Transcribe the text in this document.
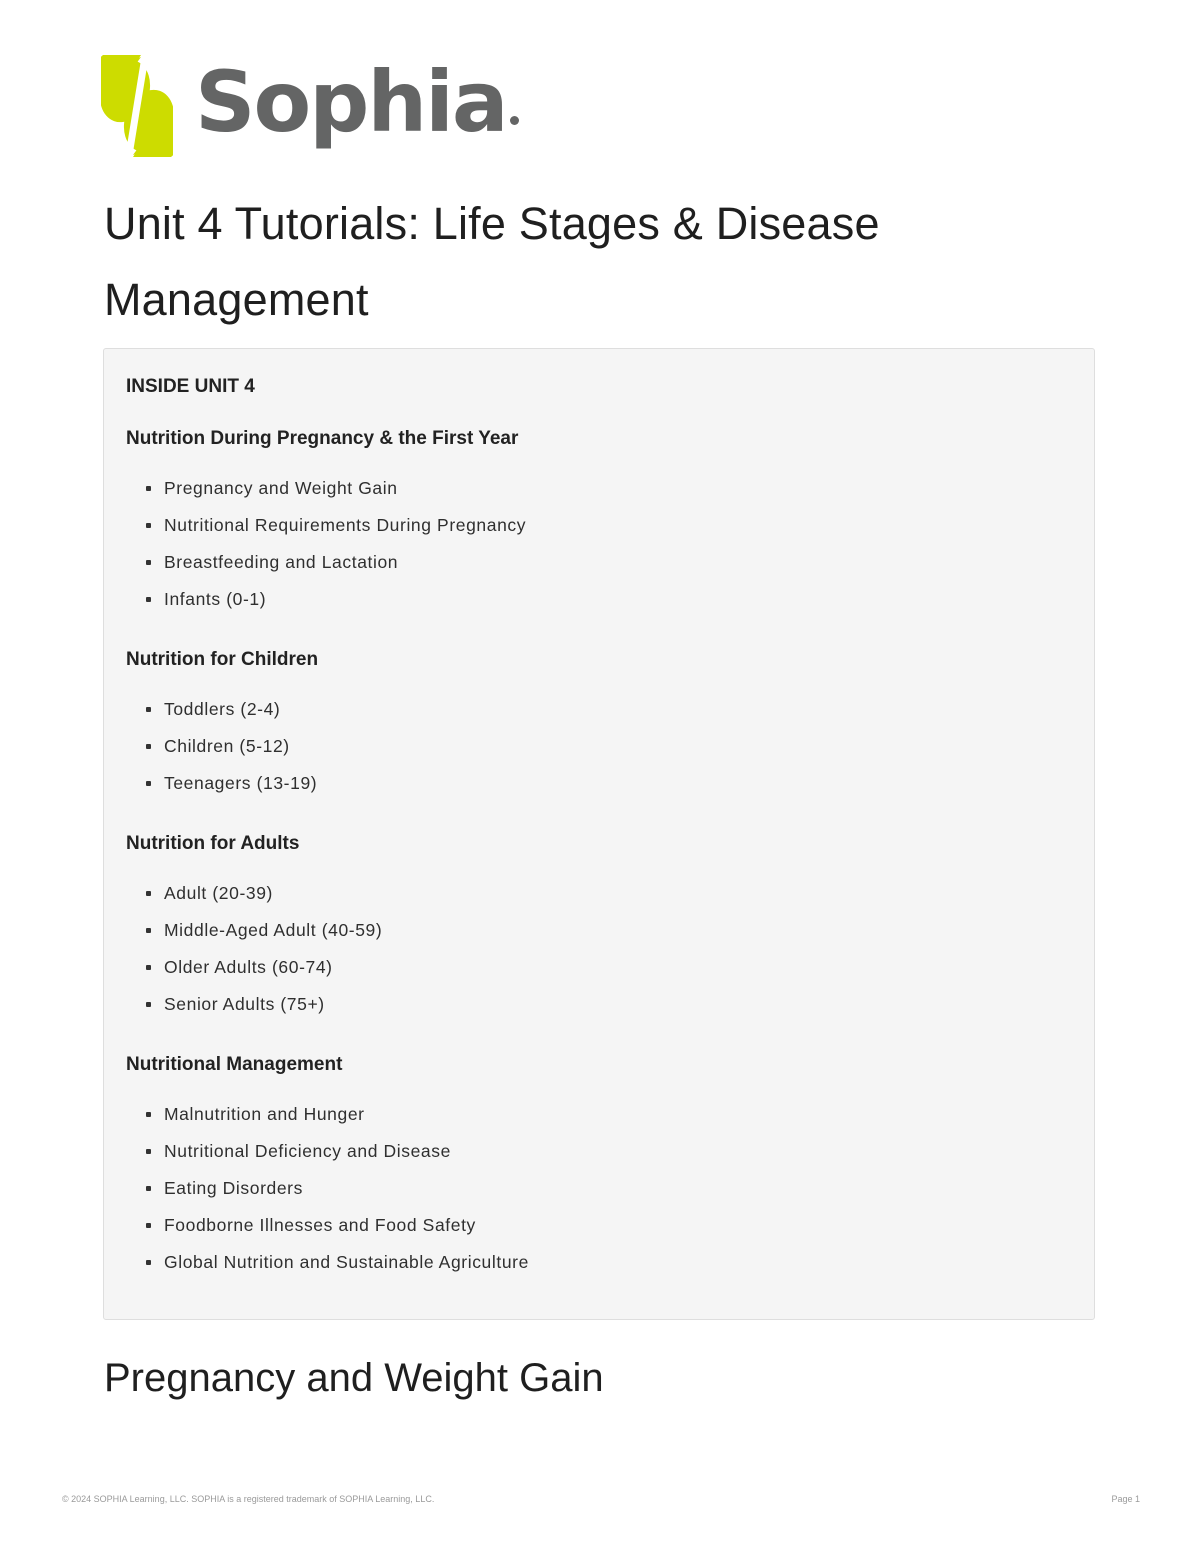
Sophia
Unit 4 Tutorials: Life Stages & Disease Management
INSIDE UNIT 4
Nutrition During Pregnancy & the First Year
Pregnancy and Weight Gain
Nutritional Requirements During Pregnancy
Breastfeeding and Lactation
Infants (0-1)
Nutrition for Children
Toddlers (2-4)
Children (5-12)
Teenagers (13-19)
Nutrition for Adults
Adult (20-39)
Middle-Aged Adult (40-59)
Older Adults (60-74)
Senior Adults (75+)
Nutritional Management
Malnutrition and Hunger
Nutritional Deficiency and Disease
Eating Disorders
Foodborne Illnesses and Food Safety
Global Nutrition and Sustainable Agriculture
Pregnancy and Weight Gain
© 2024 SOPHIA Learning, LLC. SOPHIA is a registered trademark of SOPHIA Learning, LLC.	Page 1
